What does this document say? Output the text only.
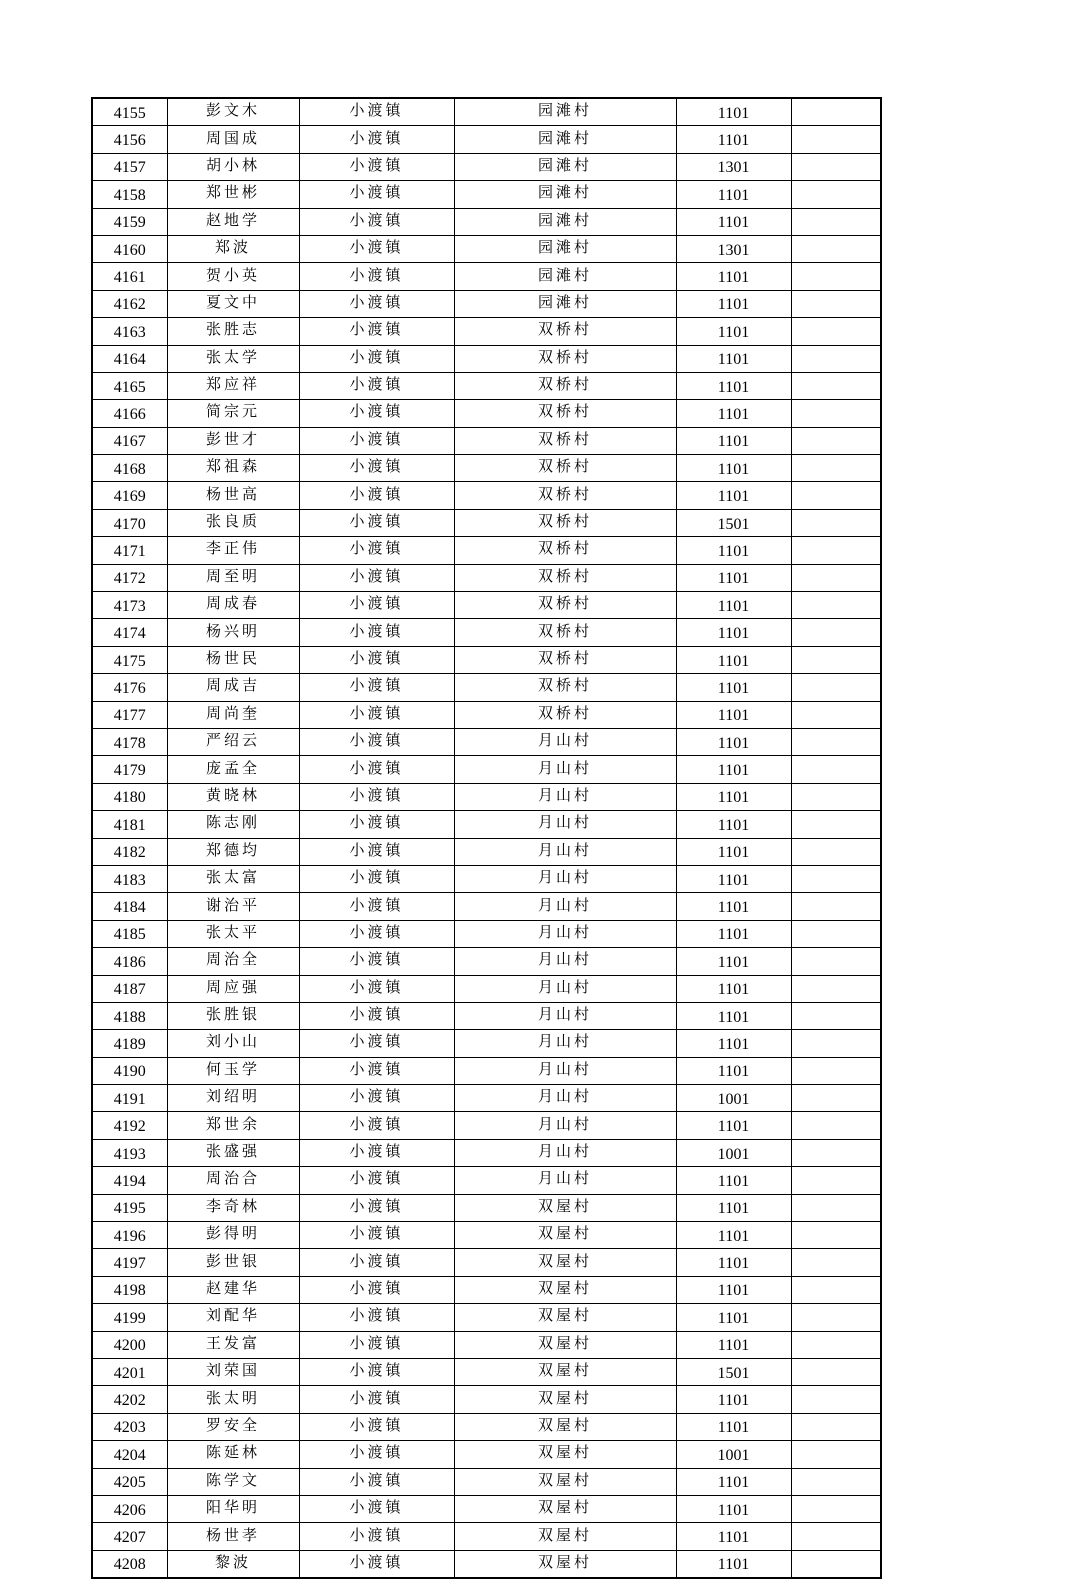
4155	彭文木	小渡镇	园滩村	1101	
4156	周国成	小渡镇	园滩村	1101	
4157	胡小林	小渡镇	园滩村	1301	
4158	郑世彬	小渡镇	园滩村	1101	
4159	赵地学	小渡镇	园滩村	1101	
4160	郑波	小渡镇	园滩村	1301	
4161	贺小英	小渡镇	园滩村	1101	
4162	夏文中	小渡镇	园滩村	1101	
4163	张胜志	小渡镇	双桥村	1101	
4164	张太学	小渡镇	双桥村	1101	
4165	郑应祥	小渡镇	双桥村	1101	
4166	简宗元	小渡镇	双桥村	1101	
4167	彭世才	小渡镇	双桥村	1101	
4168	郑祖森	小渡镇	双桥村	1101	
4169	杨世高	小渡镇	双桥村	1101	
4170	张良质	小渡镇	双桥村	1501	
4171	李正伟	小渡镇	双桥村	1101	
4172	周至明	小渡镇	双桥村	1101	
4173	周成春	小渡镇	双桥村	1101	
4174	杨兴明	小渡镇	双桥村	1101	
4175	杨世民	小渡镇	双桥村	1101	
4176	周成吉	小渡镇	双桥村	1101	
4177	周尚奎	小渡镇	双桥村	1101	
4178	严绍云	小渡镇	月山村	1101	
4179	庞孟全	小渡镇	月山村	1101	
4180	黄晓林	小渡镇	月山村	1101	
4181	陈志刚	小渡镇	月山村	1101	
4182	郑德均	小渡镇	月山村	1101	
4183	张太富	小渡镇	月山村	1101	
4184	谢治平	小渡镇	月山村	1101	
4185	张太平	小渡镇	月山村	1101	
4186	周治全	小渡镇	月山村	1101	
4187	周应强	小渡镇	月山村	1101	
4188	张胜银	小渡镇	月山村	1101	
4189	刘小山	小渡镇	月山村	1101	
4190	何玉学	小渡镇	月山村	1101	
4191	刘绍明	小渡镇	月山村	1001	
4192	郑世余	小渡镇	月山村	1101	
4193	张盛强	小渡镇	月山村	1001	
4194	周治合	小渡镇	月山村	1101	
4195	李奇林	小渡镇	双屋村	1101	
4196	彭得明	小渡镇	双屋村	1101	
4197	彭世银	小渡镇	双屋村	1101	
4198	赵建华	小渡镇	双屋村	1101	
4199	刘配华	小渡镇	双屋村	1101	
4200	王发富	小渡镇	双屋村	1101	
4201	刘荣国	小渡镇	双屋村	1501	
4202	张太明	小渡镇	双屋村	1101	
4203	罗安全	小渡镇	双屋村	1101	
4204	陈延林	小渡镇	双屋村	1001	
4205	陈学文	小渡镇	双屋村	1101	
4206	阳华明	小渡镇	双屋村	1101	
4207	杨世孝	小渡镇	双屋村	1101	
4208	黎波	小渡镇	双屋村	1101	
